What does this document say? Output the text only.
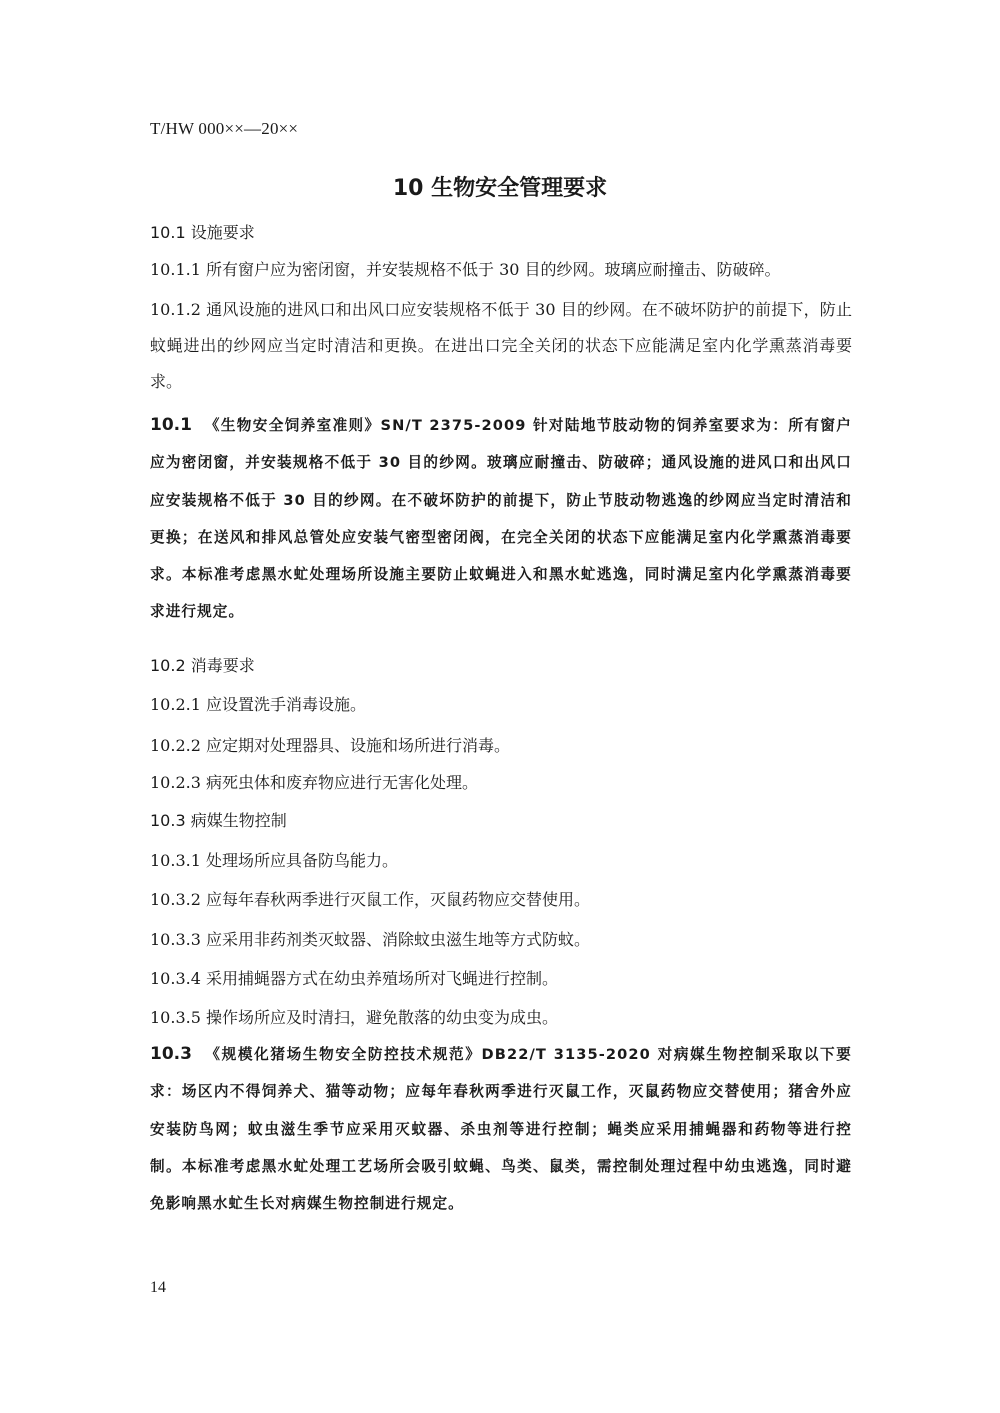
T/HW 000××—20××
10 生物安全管理要求
10.1 设施要求
10.1.1 所有窗户应为密闭窗，并安装规格不低于 30 目的纱网。玻璃应耐撞击、防破碎。
10.1.2 通风设施的进风口和出风口应安装规格不低于 30 目的纱网。在不破坏防护的前提下，防止蚊蝇进出的纱网应当定时清洁和更换。在进出口完全关闭的状态下应能满足室内化学熏蒸消毒要求。
10.1 《生物安全饲养室准则》SN/T 2375-2009 针对陆地节肢动物的饲养室要求为：所有窗户应为密闭窗，并安装规格不低于 30 目的纱网。玻璃应耐撞击、防破碎；通风设施的进风口和出风口应安装规格不低于 30 目的纱网。在不破坏防护的前提下，防止节肢动物逃逸的纱网应当定时清洁和更换；在送风和排风总管处应安装气密型密闭阀，在完全关闭的状态下应能满足室内化学熏蒸消毒要求。本标准考虑黑水虻处理场所设施主要防止蚊蝇进入和黑水虻逃逸，同时满足室内化学熏蒸消毒要求进行规定。
10.2 消毒要求
10.2.1 应设置洗手消毒设施。
10.2.2 应定期对处理器具、设施和场所进行消毒。
10.2.3 病死虫体和废弃物应进行无害化处理。
10.3 病媒生物控制
10.3.1 处理场所应具备防鸟能力。
10.3.2 应每年春秋两季进行灭鼠工作，灭鼠药物应交替使用。
10.3.3 应采用非药剂类灭蚊器、消除蚊虫滋生地等方式防蚊。
10.3.4 采用捕蝇器方式在幼虫养殖场所对飞蝇进行控制。
10.3.5 操作场所应及时清扫，避免散落的幼虫变为成虫。
10.3 《规模化猪场生物安全防控技术规范》DB22/T 3135-2020 对病媒生物控制采取以下要求：场区内不得饲养犬、猫等动物；应每年春秋两季进行灭鼠工作，灭鼠药物应交替使用；猪舍外应安装防鸟网；蚊虫滋生季节应采用灭蚊器、杀虫剂等进行控制；蝇类应采用捕蝇器和药物等进行控制。本标准考虑黑水虻处理工艺场所会吸引蚊蝇、鸟类、鼠类，需控制处理过程中幼虫逃逸，同时避免影响黑水虻生长对病媒生物控制进行规定。
14
